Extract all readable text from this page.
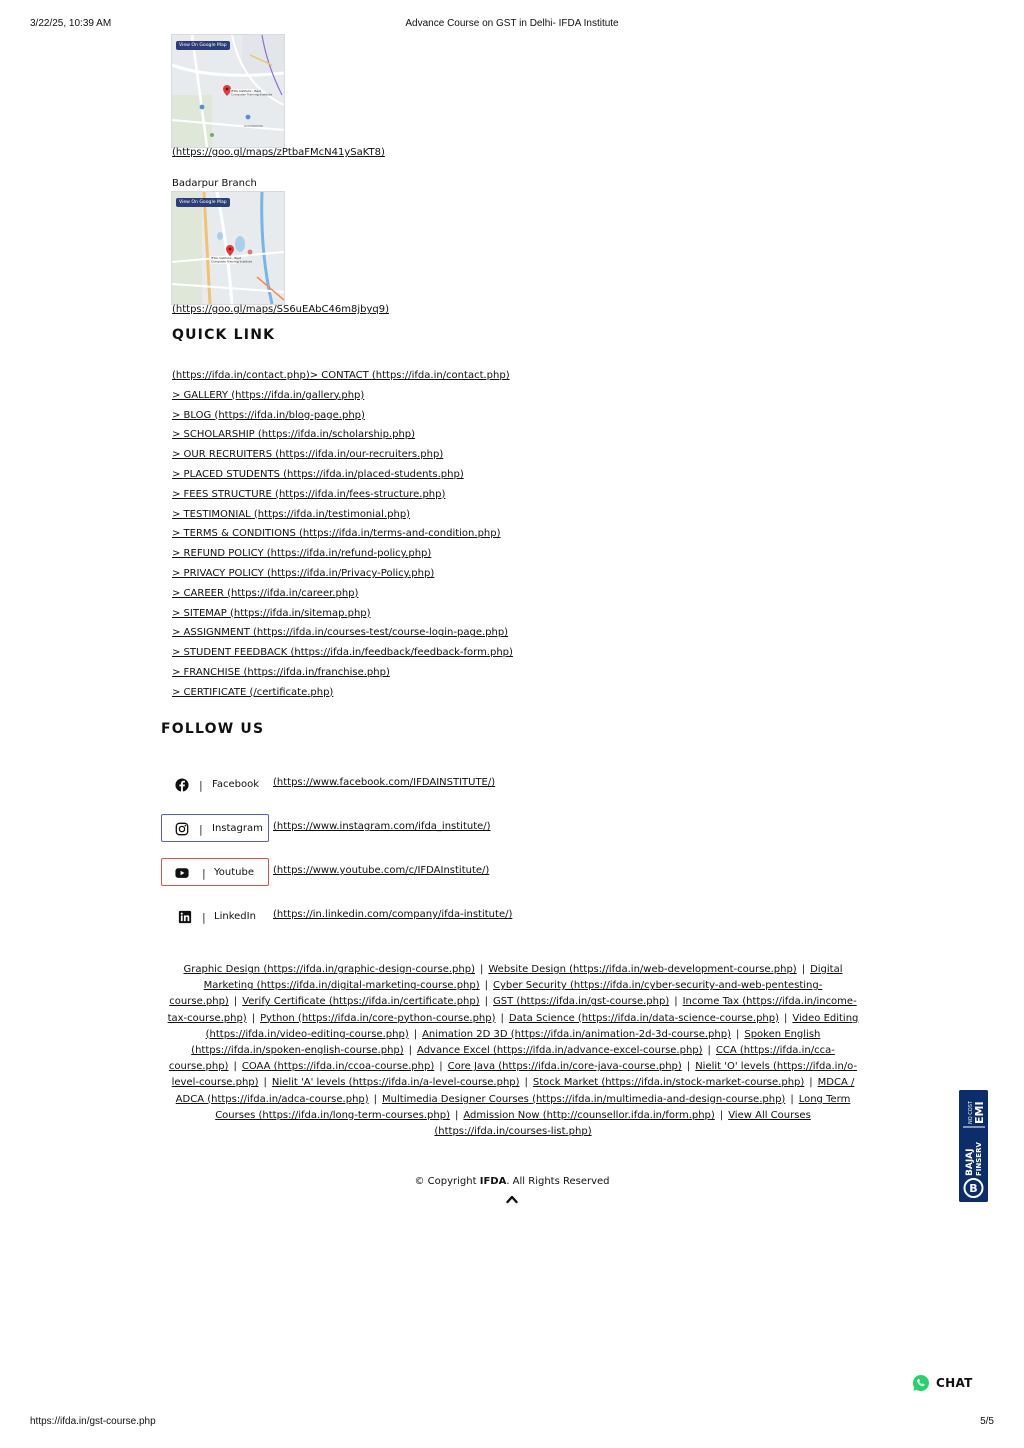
3/22/25, 10:39 AM	Advance Course on GST in Delhi- IFDA Institute
IFDA Institute - Best
Computer Training Institute
GOVINDPURI
View On Google Map
(https://goo.gl/maps/zPtbaFMcN41ySaKT8)
Badarpur Branch
IFDA Institute - Best
Computer Training Institute
View On Google Map
(https://goo.gl/maps/SS6uEAbC46m8jbyq9)
QUICK LINK
(https://ifda.in/contact.php)> CONTACT (https://ifda.in/contact.php)
> GALLERY (https://ifda.in/gallery.php)
> BLOG (https://ifda.in/blog-page.php)
> SCHOLARSHIP (https://ifda.in/scholarship.php)
> OUR RECRUITERS (https://ifda.in/our-recruiters.php)
> PLACED STUDENTS (https://ifda.in/placed-students.php)
> FEES STRUCTURE (https://ifda.in/fees-structure.php)
> TESTIMONIAL (https://ifda.in/testimonial.php)
> TERMS & CONDITIONS (https://ifda.in/terms-and-condition.php)
> REFUND POLICY (https://ifda.in/refund-policy.php)
> PRIVACY POLICY (https://ifda.in/Privacy-Policy.php)
> CAREER (https://ifda.in/career.php)
> SITEMAP (https://ifda.in/sitemap.php)
> ASSIGNMENT (https://ifda.in/courses-test/course-login-page.php)
> STUDENT FEEDBACK (https://ifda.in/feedback/feedback-form.php)
> FRANCHISE (https://ifda.in/franchise.php)
> CERTIFICATE (/certificate.php)
FOLLOW US
| Facebook (https://www.facebook.com/IFDAINSTITUTE/)
| Instagram (https://www.instagram.com/ifda_institute/)
| Youtube (https://www.youtube.com/c/IFDAInstitute/)
| LinkedIn (https://in.linkedin.com/company/ifda-institute/)
Graphic Design (https://ifda.in/graphic-design-course.php) | Website Design (https://ifda.in/web-development-course.php) | Digital Marketing (https://ifda.in/digital-marketing-course.php) | Cyber Security (https://ifda.in/cyber-security-and-web-pentesting-course.php) | Verify Certificate (https://ifda.in/certificate.php) | GST (https://ifda.in/gst-course.php) | Income Tax (https://ifda.in/income-tax-course.php) | Python (https://ifda.in/core-python-course.php) | Data Science (https://ifda.in/data-science-course.php) | Video Editing (https://ifda.in/video-editing-course.php) | Animation 2D 3D (https://ifda.in/animation-2d-3d-course.php) | Spoken English (https://ifda.in/spoken-english-course.php) | Advance Excel (https://ifda.in/advance-excel-course.php) | CCA (https://ifda.in/cca-course.php) | COAA (https://ifda.in/ccoa-course.php) | Core Java (https://ifda.in/core-java-course.php) | Nielit 'O' levels (https://ifda.in/o-level-course.php) | Nielit 'A' levels (https://ifda.in/a-level-course.php) | Stock Market (https://ifda.in/stock-market-course.php) | MDCA / ADCA (https://ifda.in/adca-course.php) | Multimedia Designer Courses (https://ifda.in/multimedia-and-design-course.php) | Long Term Courses (https://ifda.in/long-term-courses.php) | Admission Now (http://counsellor.ifda.in/form.php) | View All Courses (https://ifda.in/courses-list.php)
© Copyright IFDA. All Rights Reserved
B
BAJAJ FINSERV
NO COST EMI
CHAT
https://ifda.in/gst-course.php	5/5
